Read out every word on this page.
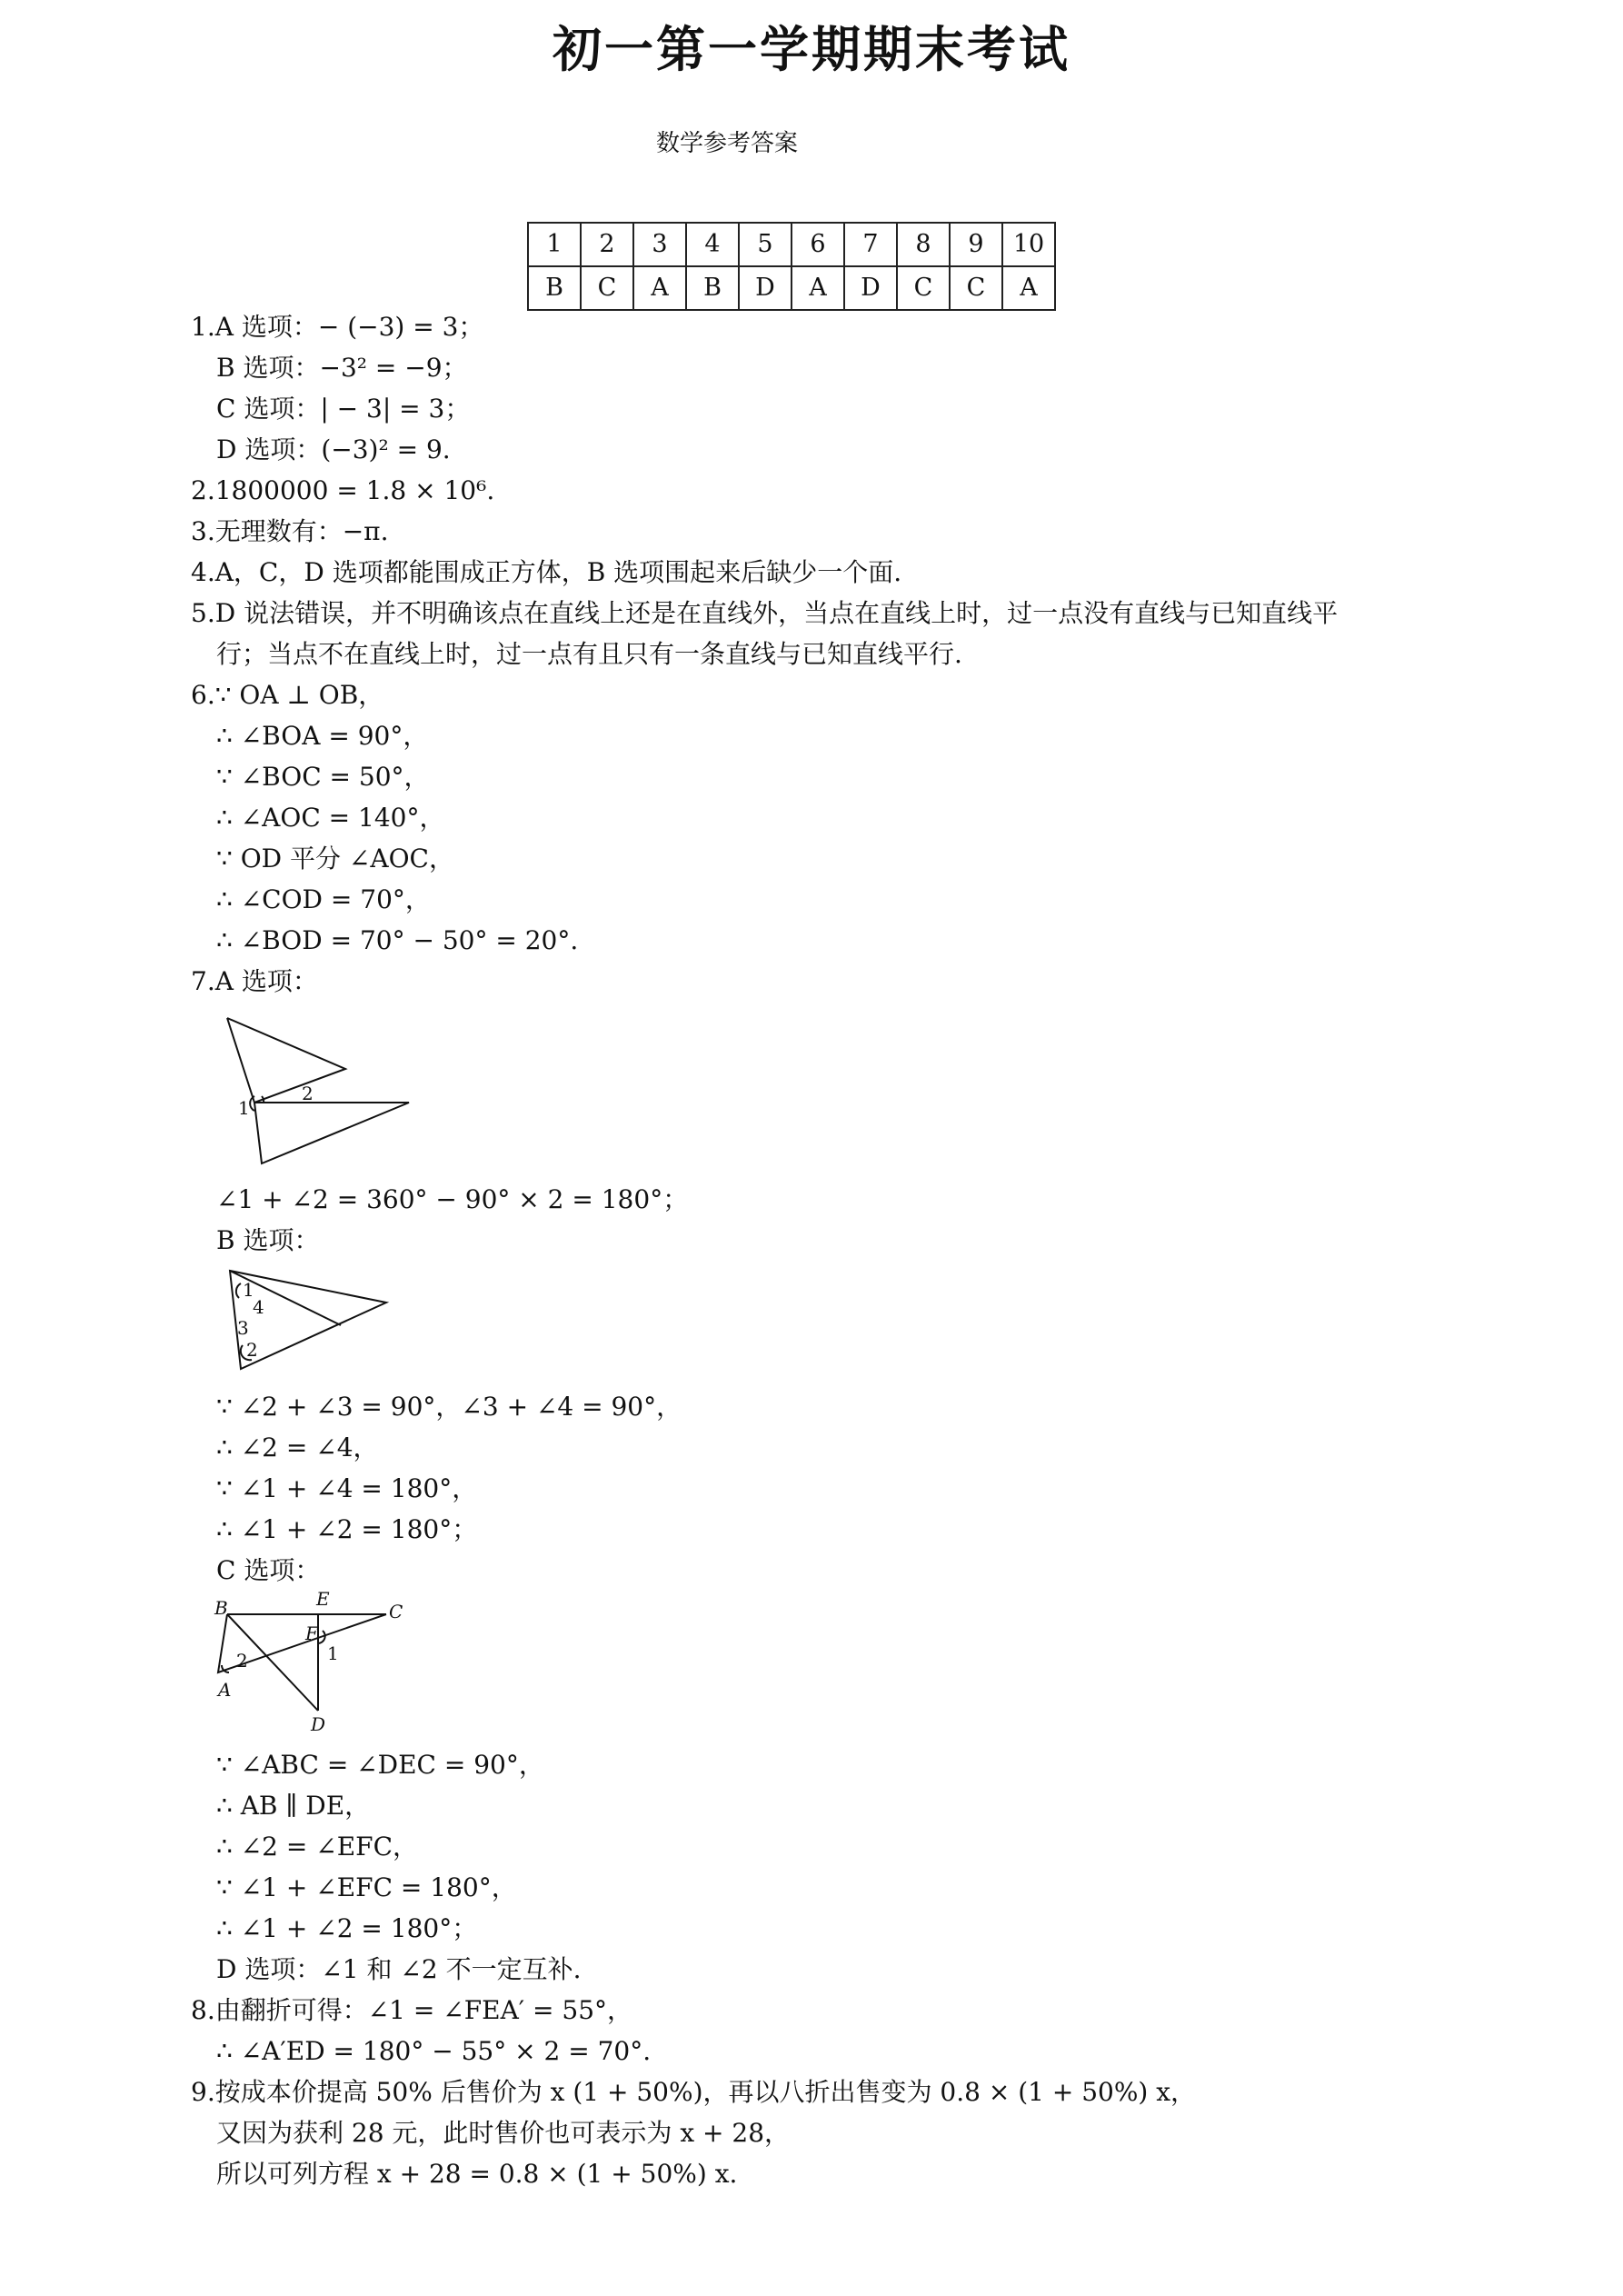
初一第一学期期末考试
数学参考答案
1	2	3	4	5	6	7	8	9	10
B	C	A	B	D	A	D	C	C	A
1.A 选项：− (−3) = 3；
B 选项：−3² = −9；
C 选项：| − 3| = 3；
D 选项：(−3)² = 9.
2.1800000 = 1.8 × 10⁶.
3.无理数有：−π.
4.A，C，D 选项都能围成正方体，B 选项围起来后缺少一个面.
5.D 说法错误，并不明确该点在直线上还是在直线外，当点在直线上时，过一点没有直线与已知直线平
行；当点不在直线上时，过一点有且只有一条直线与已知直线平行.
6.∵ OA ⊥ OB，
∴ ∠BOA = 90°，
∵ ∠BOC = 50°，
∴ ∠AOC = 140°，
∵ OD 平分 ∠AOC，
∴ ∠COD = 70°，
∴ ∠BOD = 70° − 50° = 20°.
7.A 选项：
1
2
∠1 + ∠2 = 360° − 90° × 2 = 180°；
B 选项：
1
4
3
2
∵ ∠2 + ∠3 = 90°，∠3 + ∠4 = 90°，
∴ ∠2 = ∠4，
∵ ∠1 + ∠4 = 180°，
∴ ∠1 + ∠2 = 180°；
C 选项：
B	E
C
F
1
2
A
D
∵ ∠ABC = ∠DEC = 90°，
∴ AB ∥ DE，
∴ ∠2 = ∠EFC，
∵ ∠1 + ∠EFC = 180°，
∴ ∠1 + ∠2 = 180°；
D 选项：∠1 和 ∠2 不一定互补.
8.由翻折可得：∠1 = ∠FEA′ = 55°，
∴ ∠A′ED = 180° − 55° × 2 = 70°.
9.按成本价提高 50% 后售价为 x (1 + 50%)，再以八折出售变为 0.8 × (1 + 50%) x，
又因为获利 28 元，此时售价也可表示为 x + 28，
所以可列方程 x + 28 = 0.8 × (1 + 50%) x.
